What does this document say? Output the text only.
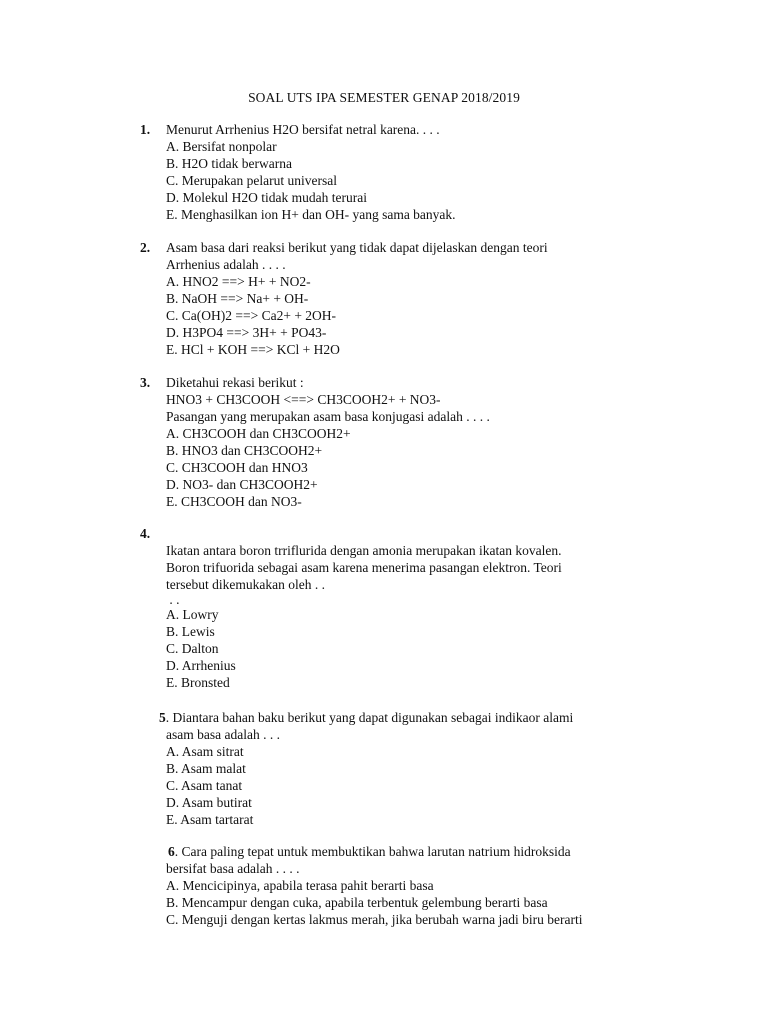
SOAL UTS IPA SEMESTER GENAP 2018/2019
1. Menurut Arrhenius H2O bersifat netral karena. . . .
A. Bersifat nonpolar
B. H2O tidak berwarna
C. Merupakan pelarut universal
D. Molekul H2O tidak mudah terurai
E. Menghasilkan ion H+ dan OH- yang sama banyak.
2. Asam basa dari reaksi berikut yang tidak dapat dijelaskan dengan teori
Arrhenius adalah . . . .
A. HNO2 ==> H+ + NO2-
B. NaOH ==> Na+ + OH-
C. Ca(OH)2 ==> Ca2+ + 2OH-
D. H3PO4 ==> 3H+ + PO43-
E. HCl + KOH ==> KCl + H2O
3. Diketahui rekasi berikut :
HNO3 + CH3COOH <==> CH3COOH2+ + NO3-
Pasangan yang merupakan asam basa konjugasi adalah . . . .
A. CH3COOH dan CH3COOH2+
B. HNO3 dan CH3COOH2+
C. CH3COOH dan HNO3
D. NO3- dan CH3COOH2+
E. CH3COOH dan NO3-
4.
Ikatan antara boron trriflurida dengan amonia merupakan ikatan kovalen.
Boron trifuorida sebagai asam karena menerima pasangan elektron. Teori
tersebut dikemukakan oleh . .
. .
A. Lowry
B. Lewis
C. Dalton
D. Arrhenius
E. Bronsted
5. Diantara bahan baku berikut yang dapat digunakan sebagai indikaor alami
asam basa adalah . . .
A. Asam sitrat
B. Asam malat
C. Asam tanat
D. Asam butirat
E. Asam tartarat
6. Cara paling tepat untuk membuktikan bahwa larutan natrium hidroksida
bersifat basa adalah . . . .
A. Mencicipinya, apabila terasa pahit berarti basa
B. Mencampur dengan cuka, apabila terbentuk gelembung berarti basa
C. Menguji dengan kertas lakmus merah, jika berubah warna jadi biru berarti
